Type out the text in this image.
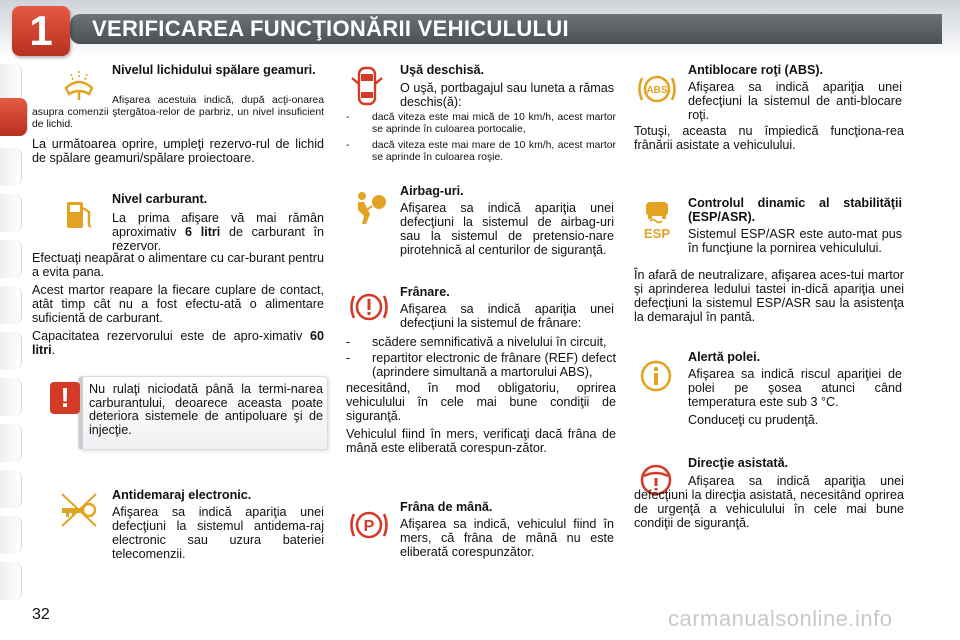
1	VERIFICAREA FUNCŢIONĂRII VEHICULULUI
Nivelul lichidului spălare geamuri.
Afişarea acestuia indică, după acţi-onarea asupra comenzii ştergătoa-relor de parbriz, un nivel insuficient de lichid.
La următoarea oprire, umpleţi rezervo-rul de lichid de spălare geamuri/spălare proiectoare.
Nivel carburant.

La prima afişare vă mai rămân aproximativ 6 litri de carburant în rezervor.

Efectuaţi neapărat o alimentare cu car-burant pentru a evita pana.

Acest martor reapare la fiecare cuplare de contact, atât timp cât nu a fost efectu-ată o alimentare suficientă de carburant.

Capacitatea rezervorului este de apro-ximativ 60 litri.

Nu rulaţi niciodată până la termi-narea carburantului, deoarece aceasta poate deteriora sistemele de antipoluare şi de injecţie.
!
Antidemaraj electronic.

Afişarea sa indică apariţia unei defecţiuni la sistemul antidema-raj electronic sau uzura bateriei telecomenzii.

Uşă deschisă.

O uşă, portbagajul sau luneta a rămas deschis(ă):

-	dacă viteza este mai mică de 10 km/h, acest martor se aprinde în culoarea portocalie,
-	dacă viteza este mai mare de 10 km/h, acest martor se aprinde în culoarea roşie.
Airbag-uri.

Afişarea sa indică apariţia unei defecţiuni la sistemul de airbag-uri sau la sistemul de pretensio-nare pirotehnică al centurilor de siguranţă.

Frânare.

Afişarea sa indică apariţia unei defecţiuni la sistemul de frânare:

-	scădere semnificativă a nivelului în circuit,
-	repartitor electronic de frânare (REF) defect (aprindere simultană a martorului ABS),

necesitând, în mod obligatoriu, oprirea vehiculului în cele mai bune condiţii de siguranţă.

Vehiculul fiind în mers, verificaţi dacă frâna de mână este eliberată corespun-zător.

P
Frâna de mână.

Afişarea sa indică, vehiculul fiind în mers, că frâna de mână nu este eliberată corespunzător.

ABS
Antiblocare roţi (ABS).

Afişarea sa indică apariţia unei defecţiuni la sistemul de anti-blocare roţi.

Totuşi, aceasta nu împiedică funcţiona-rea frânării asistate a vehiculului.
ESP
Controlul dinamic al stabilităţii (ESP/ASR).

Sistemul ESP/ASR este auto-mat pus în funcţiune la pornirea vehiculului.

În afară de neutralizare, afişarea aces-tui martor şi aprinderea ledului tastei in-dică apariţia unei defecţiuni la sistemul ESP/ASR sau la asistenţa la demarajul în pantă.
Alertă polei.

Afişarea sa indică riscul apariţiei de polei pe şosea atunci când temperatura este sub 3 °C.

Conduceţi cu prudenţă.

Direcţie asistată.
Afişarea sa indică apariţia unei defecţiuni la direcţia asistată, necesitând oprirea de urgenţă a vehiculului în cele mai bune condiţii de siguranţă.
32	carmanualsonline.info
